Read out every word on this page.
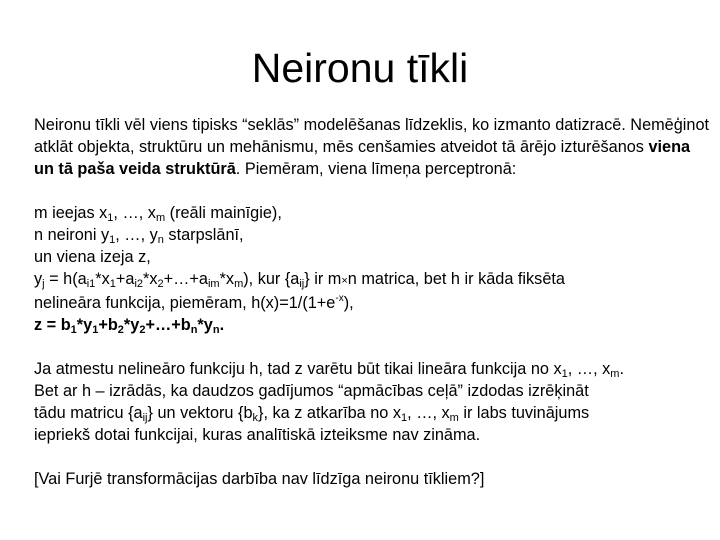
Neironu tīkli

Neironu tīkli vēl viens tipisks “seklās” modelēšanas līdzeklis, ko izmanto datizracē. Nemēģinot atklāt objekta, struktūru un mehānismu, mēs cenšamies atveidot tā ārējo izturēšanos viena un tā paša veida struktūrā. Piemēram, viena līmeņa perceptronā:

m ieejas $x_1$, …, $x_m$ (reāli mainīgie),
n neironi $y_1$, …, $y_n$ starpslānī,
un viena izeja z,
$y_j$ = $h(a_{i1}*x_1+a_{i2}*x_2+\dots+a_{im}*x_m)$, kur $\{a_{ij}\}$ ir m×n matrica, bet h ir kāda fiksēta
nelineāra funkcija, piemēram, $h(x)=1/(1+e^{-x})$,
$z = b_1*y_1+b_2*y_2+\dots+b_n*y_n$.
Ja atmestu nelineāro funkciju h, tad z varētu būt tikai lineāra funkcija no $x_1$, …, $x_m$.
Bet ar h – izrādās, ka daudzos gadījumos “apmācības ceļā” izdodas izrēķināt
tādu matricu $\{a_{ij}\}$ un vektoru $\{b_k\}$, ka z atkarība no $x_1$, …, $x_m$ ir labs tuvinājums
iepriekš dotai funkcijai, kuras analītiskā izteiksme nav zināma.
[Vai Furjē transformācijas darbība nav līdzīga neironu tīkliem?]
